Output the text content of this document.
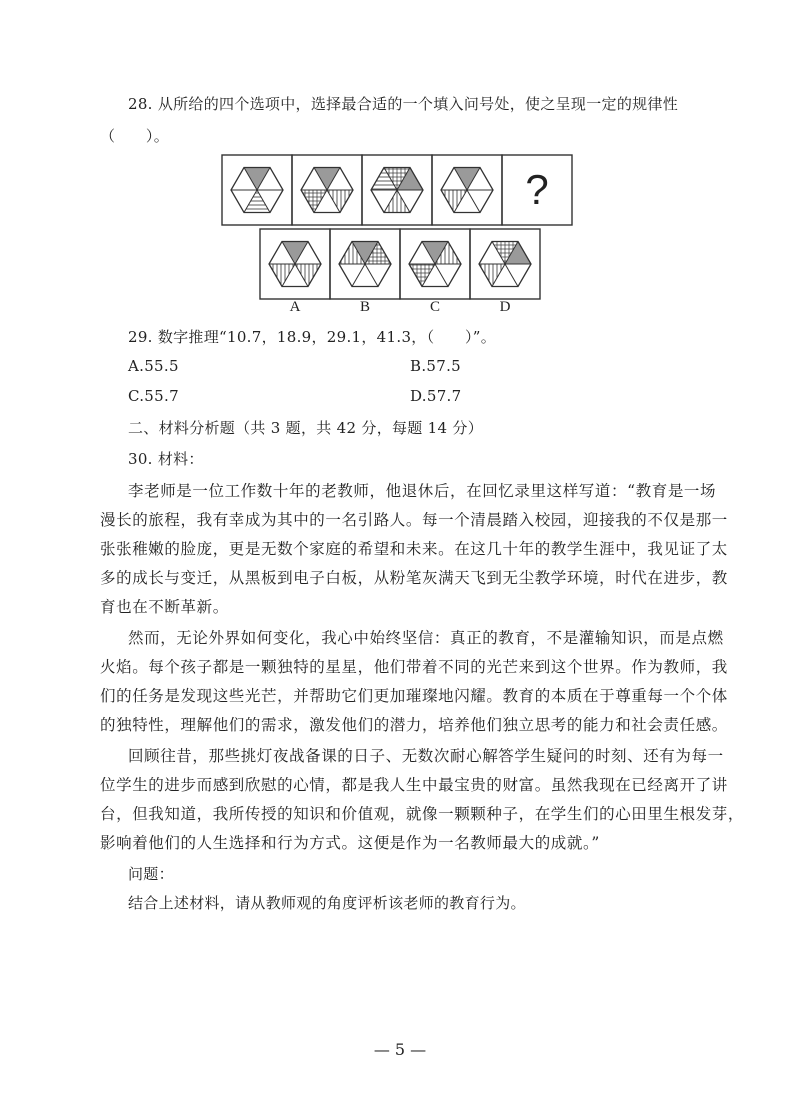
28. 从所给的四个选项中，选择最合适的一个填入问号处，使之呈现一定的规律性
（　　）。
?
A	B	C	D
29. 数字推理“10.7，18.9，29.1，41.3，（　　）”。
A.55.5	B.57.5
C.55.7	D.57.7
二、材料分析题（共 3 题，共 42 分，每题 14 分）
30. 材料：
李老师是一位工作数十年的老教师，他退休后，在回忆录里这样写道：“教育是一场
漫长的旅程，我有幸成为其中的一名引路人。每一个清晨踏入校园，迎接我的不仅是那一
张张稚嫩的脸庞，更是无数个家庭的希望和未来。在这几十年的教学生涯中，我见证了太
多的成长与变迁，从黑板到电子白板，从粉笔灰满天飞到无尘教学环境，时代在进步，教
育也在不断革新。
然而，无论外界如何变化，我心中始终坚信：真正的教育，不是灌输知识，而是点燃
火焰。每个孩子都是一颗独特的星星，他们带着不同的光芒来到这个世界。作为教师，我
们的任务是发现这些光芒，并帮助它们更加璀璨地闪耀。教育的本质在于尊重每一个个体
的独特性，理解他们的需求，激发他们的潜力，培养他们独立思考的能力和社会责任感。
回顾往昔，那些挑灯夜战备课的日子、无数次耐心解答学生疑问的时刻、还有为每一
位学生的进步而感到欣慰的心情，都是我人生中最宝贵的财富。虽然我现在已经离开了讲
台，但我知道，我所传授的知识和价值观，就像一颗颗种子，在学生们的心田里生根发芽，
影响着他们的人生选择和行为方式。这便是作为一名教师最大的成就。”
问题：
结合上述材料，请从教师观的角度评析该老师的教育行为。
— 5 —
